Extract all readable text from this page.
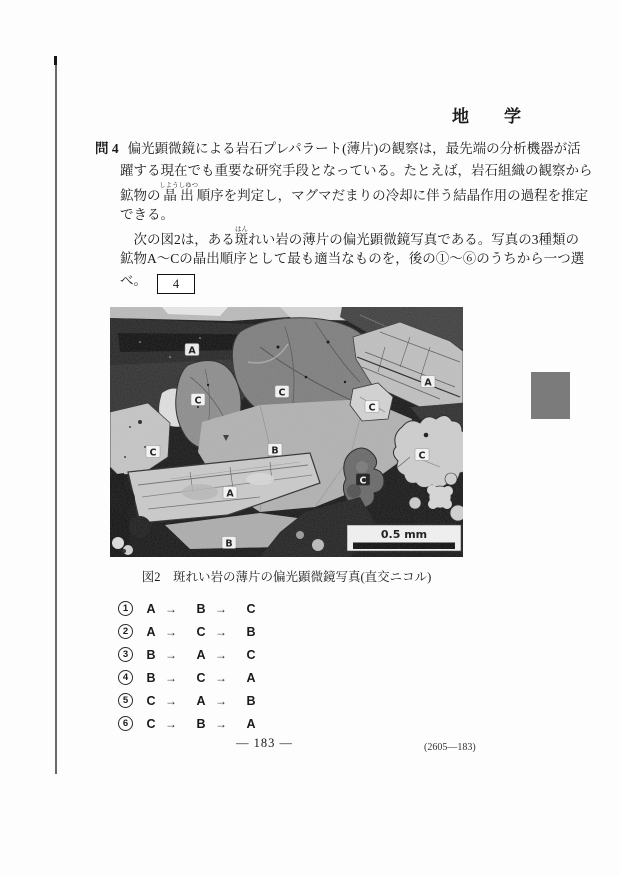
地　学
問 4 偏光顕微鏡による岩石プレパラート(薄片)の観察は，最先端の分析機器が活
躍する現在でも重要な研究手段となっている。たとえば，岩石組織の観察から
鉱物の晶 出しようしゆつ順序を判定し，マグマだまりの冷却に伴う結晶作用の過程を推定
できる。
　次の図2は，ある斑はんれい岩の薄片の偏光顕微鏡写真である。写真の3種類の
鉱物A～Cの晶出順序として最も適当なものを，後の①～⑥のうちから一つ選
べ。 4
A
C
C
A
C
C	B	C
C
A
B
0.5 mm
図2　斑れい岩の薄片の偏光顕微鏡写真(直交ニコル)
1	A →	B →	C
2	A →	C →	B
3	B →	A →	C
4	B →	C →	A
5	C →	A →	B
6	C →	B →	A
— 183 —	(2605—183)
